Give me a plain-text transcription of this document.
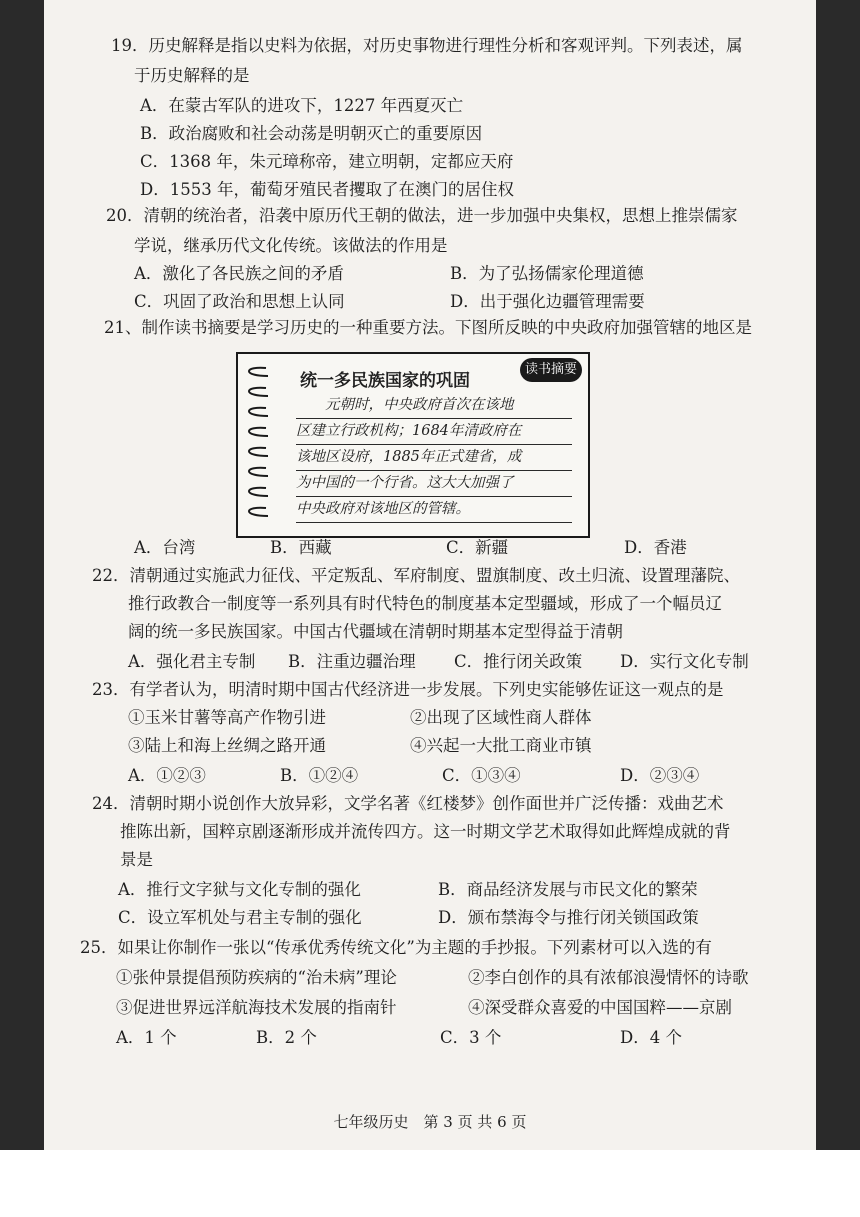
19．历史解释是指以史料为依据，对历史事物进行理性分析和客观评判。下列表述，属
于历史解释的是
A．在蒙古军队的进攻下，1227 年西夏灭亡
B．政治腐败和社会动荡是明朝灭亡的重要原因
C．1368 年，朱元璋称帝，建立明朝，定都应天府
D．1553 年，葡萄牙殖民者攫取了在澳门的居住权
20．清朝的统治者，沿袭中原历代王朝的做法，进一步加强中央集权，思想上推崇儒家
学说，继承历代文化传统。该做法的作用是
A．激化了各民族之间的矛盾	B．为了弘扬儒家伦理道德
C．巩固了政治和思想上认同	D．出于强化边疆管理需要
21、制作读书摘要是学习历史的一种重要方法。下图所反映的中央政府加强管辖的地区是
统一多民族国家的巩固
读书摘要
　　元朝时，中央政府首次在该地
区建立行政机构；1684年清政府在
该地区设府，1885年正式建省，成
为中国的一个行省。这大大加强了
中央政府对该地区的管辖。
A．台湾	B．西藏	C．新疆	D．香港
22．清朝通过实施武力征伐、平定叛乱、军府制度、盟旗制度、改土归流、设置理藩院、
推行政教合一制度等一系列具有时代特色的制度基本定型疆域，形成了一个幅员辽
阔的统一多民族国家。中国古代疆域在清朝时期基本定型得益于清朝
A．强化君主专制 B．注重边疆治理 C．推行闭关政策 D．实行文化专制
23．有学者认为，明清时期中国古代经济进一步发展。下列史实能够佐证这一观点的是
①玉米甘薯等高产作物引进	②出现了区域性商人群体
③陆上和海上丝绸之路开通	④兴起一大批工商业市镇
A．①②③	B．①②④	C．①③④	D．②③④
24．清朝时期小说创作大放异彩，文学名著《红楼梦》创作面世并广泛传播：戏曲艺术
推陈出新，国粹京剧逐渐形成并流传四方。这一时期文学艺术取得如此辉煌成就的背
景是
A．推行文字狱与文化专制的强化	B．商品经济发展与市民文化的繁荣
C．设立军机处与君主专制的强化	D．颁布禁海令与推行闭关锁国政策
25．如果让你制作一张以“传承优秀传统文化”为主题的手抄报。下列素材可以入选的有
①张仲景提倡预防疾病的“治未病”理论	②李白创作的具有浓郁浪漫情怀的诗歌
③促进世界远洋航海技术发展的指南针	④深受群众喜爱的中国国粹——京剧
A．1 个	B．2 个	C．3 个	D．4 个
七年级历史　第 3 页 共 6 页
